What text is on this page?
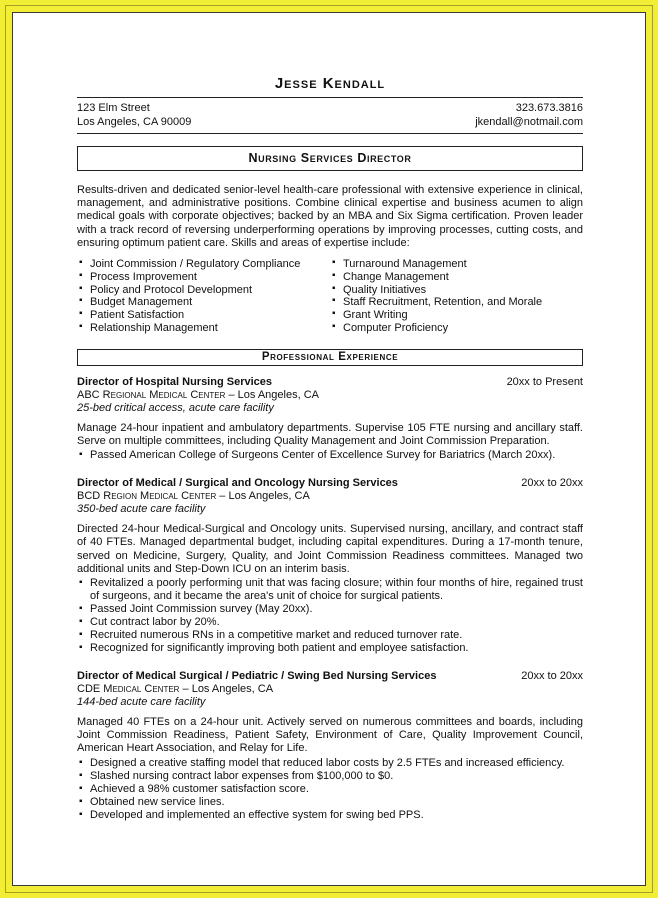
Jesse Kendall
123 Elm Street
Los Angeles, CA 90009
323.673.3816
jkendall@notmail.com
Nursing Services Director

Results-driven and dedicated senior-level health-care professional with extensive experience in clinical, management, and administrative positions. Combine clinical expertise and business acumen to align medical goals with corporate objectives; backed by an MBA and Six Sigma certification. Proven leader with a track record of reversing underperforming operations by improving processes, cutting costs, and ensuring optimum patient care. Skills and areas of expertise include:

▪ Joint Commission / Regulatory Compliance
▪ Process Improvement
▪ Policy and Protocol Development
▪ Budget Management
▪ Patient Satisfaction
▪ Relationship Management
▪ Turnaround Management
▪ Change Management
▪ Quality Initiatives
▪ Staff Recruitment, Retention, and Morale
▪ Grant Writing
▪ Computer Proficiency
Professional Experience
Director of Hospital Nursing Services	20xx to Present
ABC Regional Medical Center – Los Angeles, CA
25-bed critical access, acute care facility

Manage 24-hour inpatient and ambulatory departments. Supervise 105 FTE nursing and ancillary staff. Serve on multiple committees, including Quality Management and Joint Commission Preparation.

▪ Passed American College of Surgeons Center of Excellence Survey for Bariatrics (March 20xx).
Director of Medical / Surgical and Oncology Nursing Services	20xx to 20xx
BCD Region Medical Center – Los Angeles, CA
350-bed acute care facility

Directed 24-hour Medical-Surgical and Oncology units. Supervised nursing, ancillary, and contract staff of 40 FTEs. Managed departmental budget, including capital expenditures. During a 17-month tenure, served on Medicine, Surgery, Quality, and Joint Commission Readiness committees. Managed two additional units and Step-Down ICU on an interim basis.

▪ Revitalized a poorly performing unit that was facing closure; within four months of hire, regained trust of surgeons, and it became the area's unit of choice for surgical patients.
▪ Passed Joint Commission survey (May 20xx).
▪ Cut contract labor by 20%.
▪ Recruited numerous RNs in a competitive market and reduced turnover rate.
▪ Recognized for significantly improving both patient and employee satisfaction.
Director of Medical Surgical / Pediatric / Swing Bed Nursing Services	20xx to 20xx
CDE Medical Center – Los Angeles, CA
144-bed acute care facility

Managed 40 FTEs on a 24-hour unit. Actively served on numerous committees and boards, including Joint Commission Readiness, Patient Safety, Environment of Care, Quality Improvement Council, American Heart Association, and Relay for Life.

▪ Designed a creative staffing model that reduced labor costs by 2.5 FTEs and increased efficiency.
▪ Slashed nursing contract labor expenses from $100,000 to $0.
▪ Achieved a 98% customer satisfaction score.
▪ Obtained new service lines.
▪ Developed and implemented an effective system for swing bed PPS.
